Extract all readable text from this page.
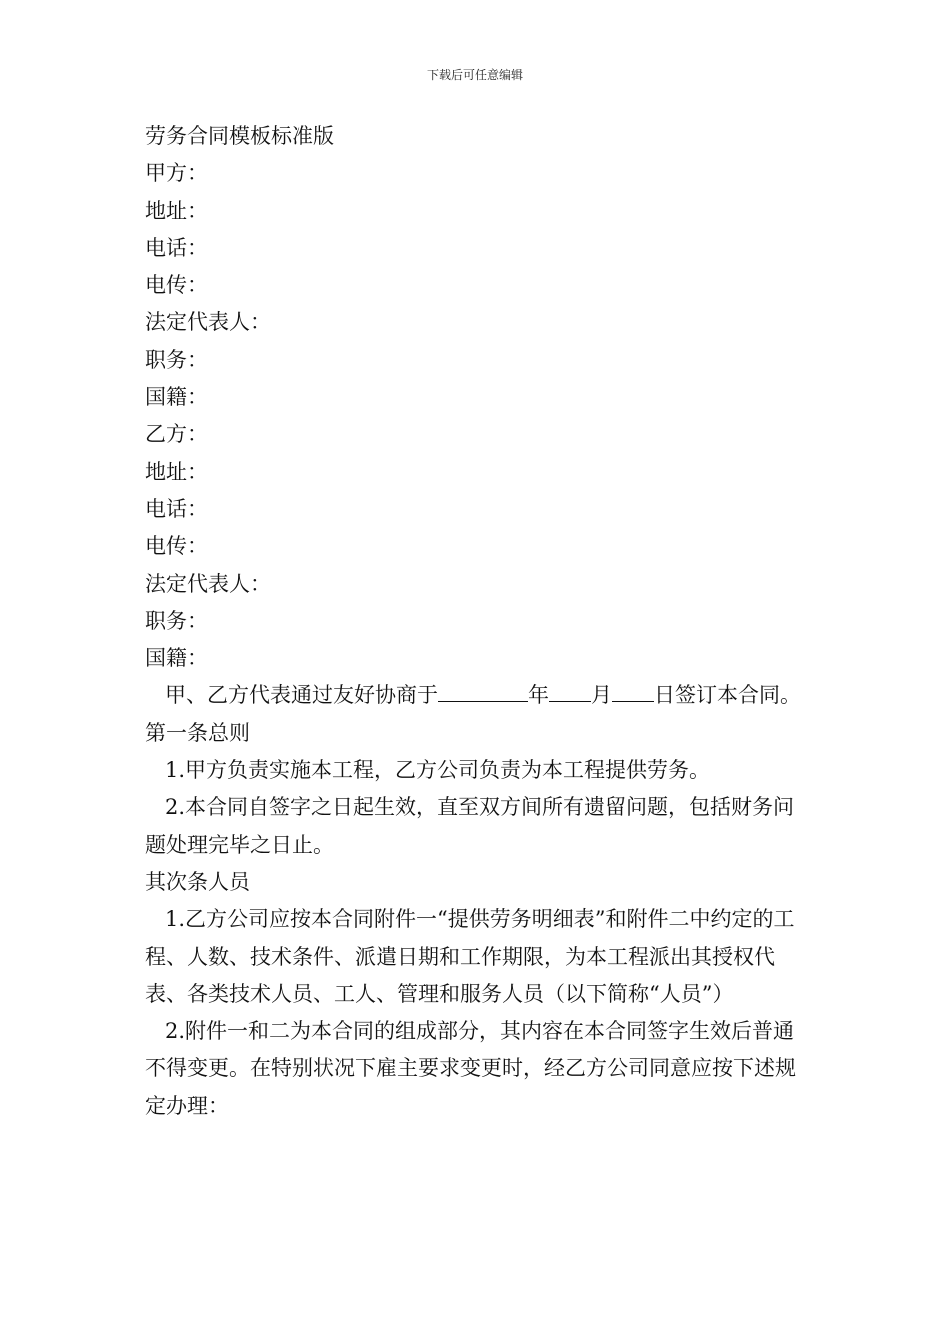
下载后可任意编辑

劳务合同模板标准版

甲方：

地址：

电话：

电传：

法定代表人：

职务：

国籍：

乙方：

地址：

电话：

电传：

法定代表人：

职务：

国籍：

甲、乙方代表通过友好协商于	年 月 日签订本合同。

第一条总则

1.甲方负责实施本工程，乙方公司负责为本工程提供劳务。

2.本合同自签字之日起生效，直至双方间所有遗留问题，包括财务问题处理完毕之日止。

其次条人员

1.乙方公司应按本合同附件一“提供劳务明细表”和附件二中约定的工程、人数、技术条件、派遣日期和工作期限，为本工程派出其授权代表、各类技术人员、工人、管理和服务人员（以下简称“人员”）

2.附件一和二为本合同的组成部分，其内容在本合同签字生效后普通不得变更。在特别状况下雇主要求变更时，经乙方公司同意应按下述规定办理：
